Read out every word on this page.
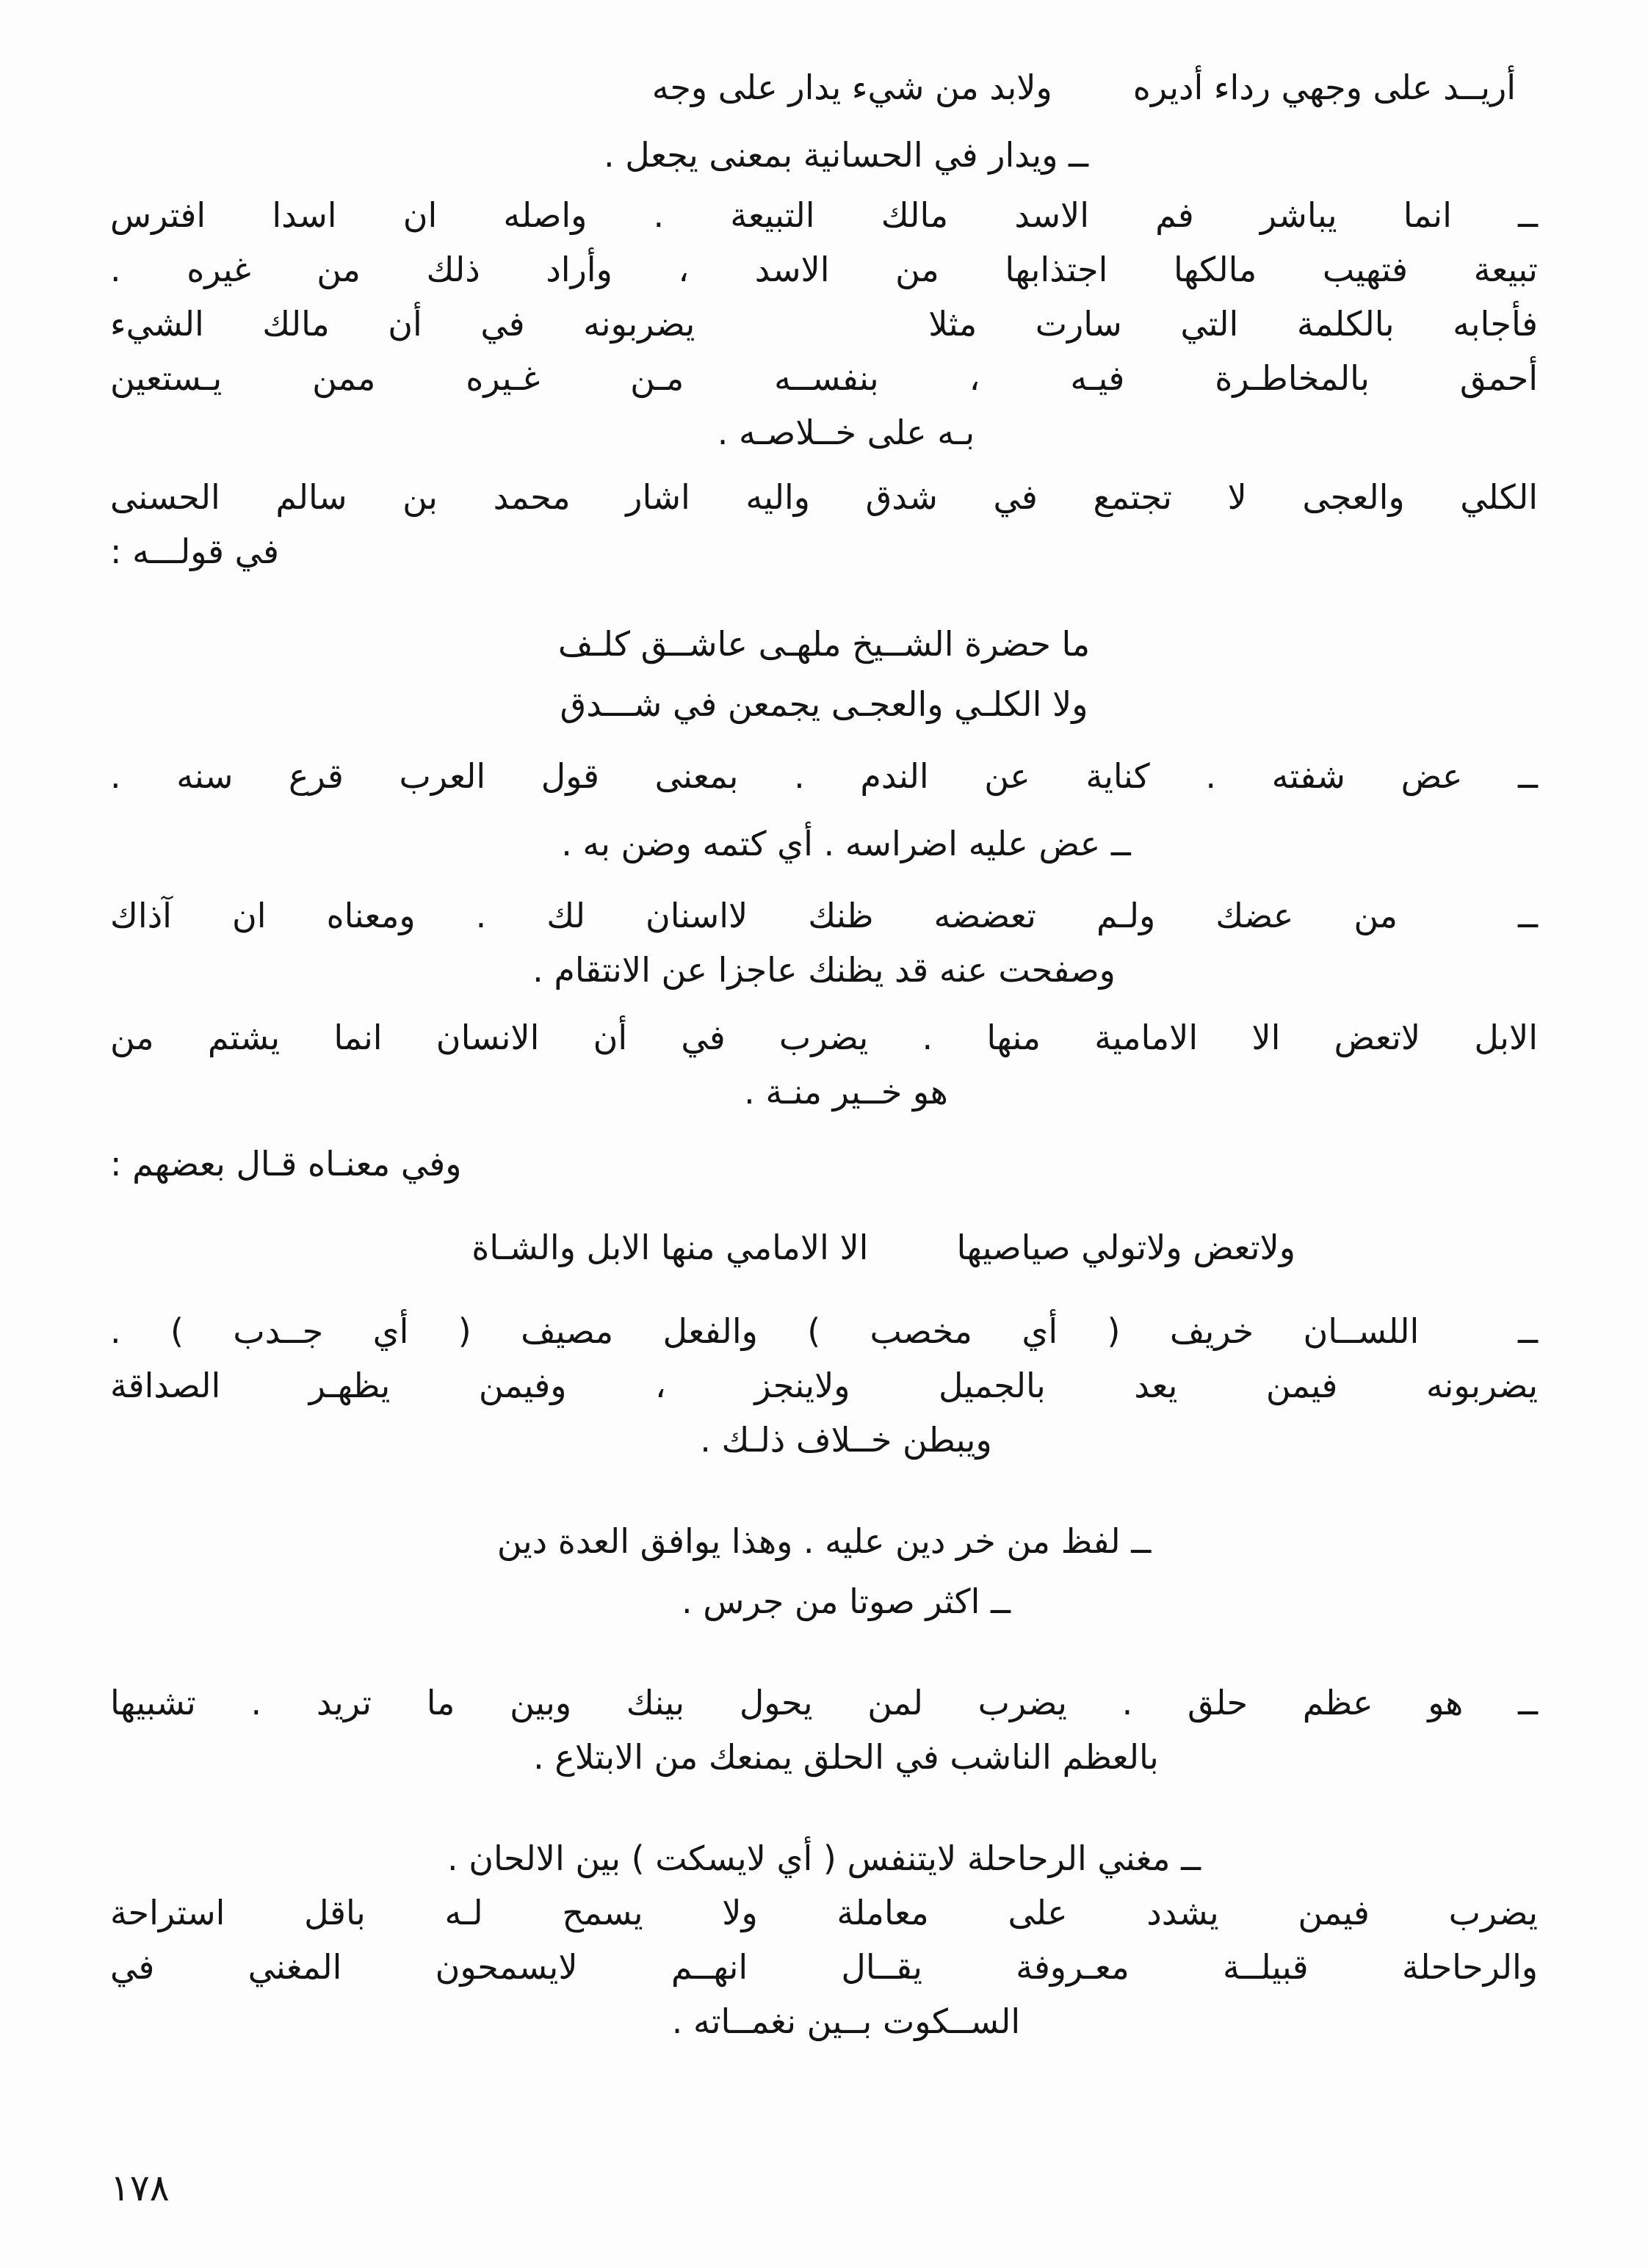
أريــد على وجهي رداء أديره
ولابد من شيء يدار على وجه
ــ ويدار في الحسانية بمعنى يجعل .
ــ انما يباشر فم الاسد مالك التبيعة . واصله ان اسدا افترس
تبيعة فتهيب مالكها اجتذابها من الاسد ، وأراد ذلك من غيره .
فأجابه بالكلمة التي سارت مثلا    يضربونه في أن مالك الشيء
أحمق بالمخاطـرة فيـه ، بنفســه مـن غـيره ممن يـستعين
بـه على خــلاصـه .
الكلي والعجى لا تجتمع في شدق واليه اشار محمد بن سالم الحسنى
في قولـــه :
ما حضرة الشــيخ ملهـى عاشــق كلـف
ولا الكلـي والعجـى يجمعن في شـــدق
ــ عض شفته . كناية عن الندم . بمعنى قول العرب قرع سنه .
ــ عض عليه اضراسه . أي كتمه وضن به .
ــ  من عضك ولـم تعضضه ظنك لااسنان لك . ومعناه ان آذاك
وصفحت عنه قد يظنك عاجزا عن الانتقام .
الابل لاتعض الا الامامية منها . يضرب في أن الانسان انما يشتم من
هو خــير منـة .
وفي معنـاه قـال بعضهم :
ولاتعض ولاتولي صياصيها
الا الامامي منها الابل والشـاة
ــ  اللســان خريف ( أي مخصب ) والفعل مصيف ( أي جــدب ) .
يضربونه فيمن يعد بالجميل ولاينجز ، وفيمن يظهـر الصداقة
ويبطن خــلاف ذلـك .
ــ لفظ من خر دين عليه . وهذا يوافق العدة دين
ــ اكثر صوتا من جرس .
ــ هو عظم حلق . يضرب لمن يحول بينك وبين ما تريد . تشبيها
بالعظم الناشب في الحلق يمنعك من الابتلاع .
ــ مغني الرحاحلة لايتنفس ( أي لايسكت ) بين الالحان .
يضرب فيمن يشدد على معاملة ولا يسمح لـه باقل استراحة
والرحاحلة قبيلــة معـروفة يقــال انهــم لايسمحون المغني في
الســكوت بــين نغمــاته .
١٧٨
